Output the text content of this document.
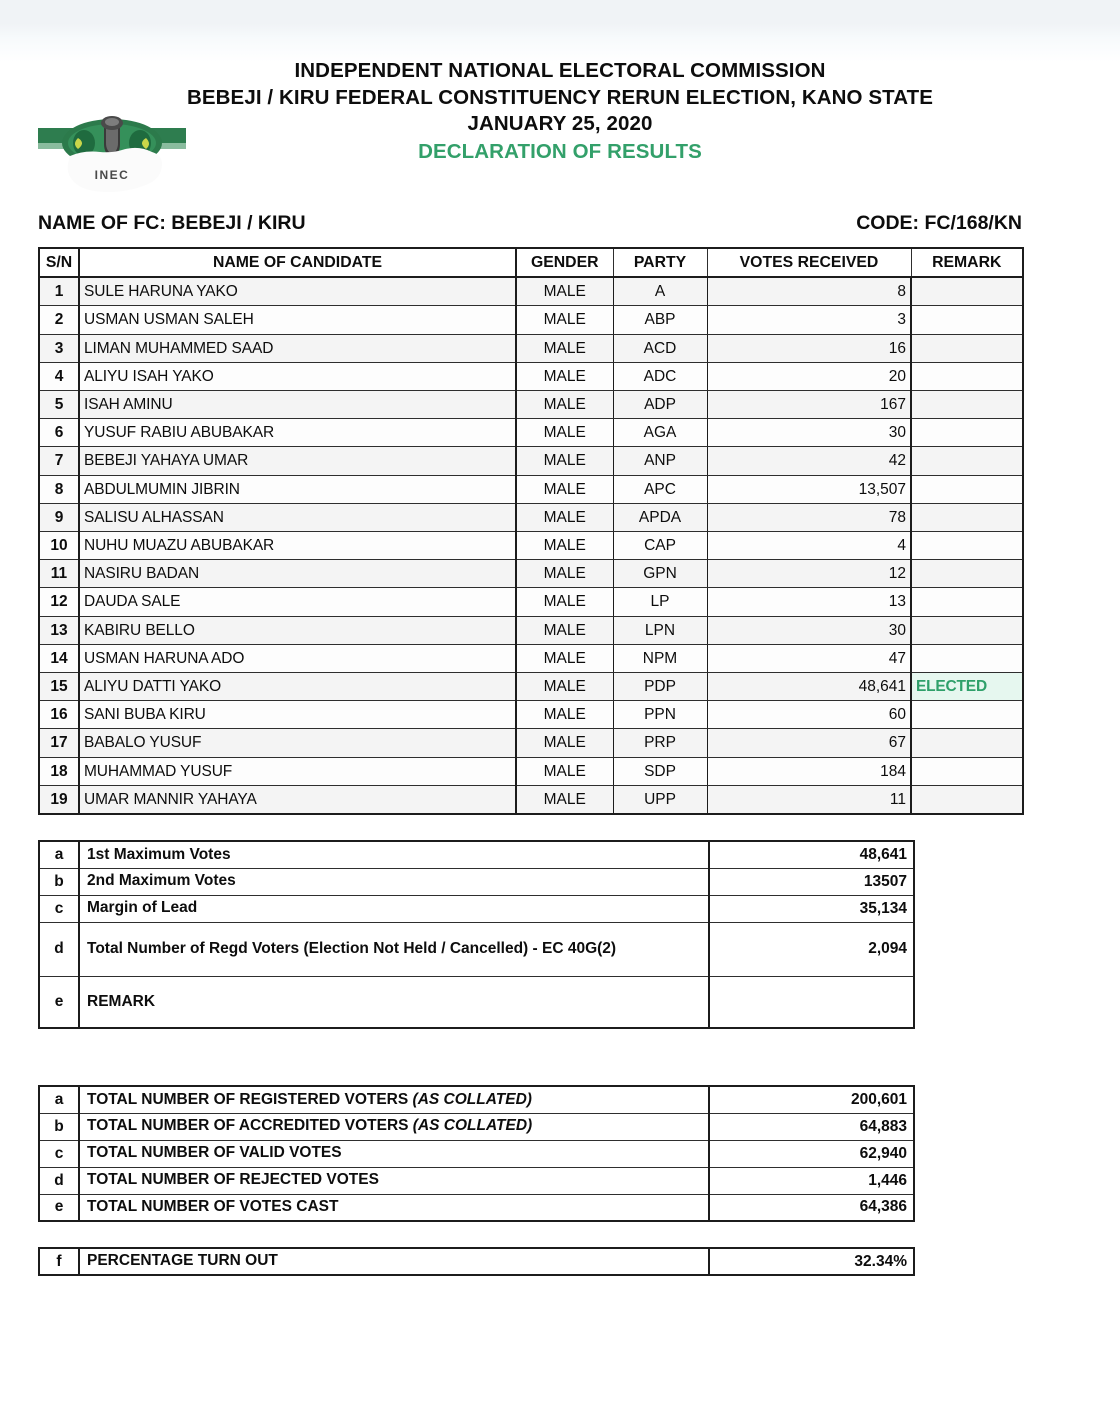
INDEPENDENT NATIONAL ELECTORAL COMMISSION
BEBEJI / KIRU FEDERAL CONSTITUENCY RERUN ELECTION, KANO STATE
JANUARY 25, 2020
DECLARATION OF RESULTS
INEC
NAME OF FC: BEBEJI / KIRU	CODE: FC/168/KN
S/N	NAME OF CANDIDATE	GENDER	PARTY	VOTES RECEIVED	REMARK
1	SULE HARUNA YAKO	MALE	A	8	
2	USMAN USMAN SALEH	MALE	ABP	3	
3	LIMAN MUHAMMED SAAD	MALE	ACD	16	
4	ALIYU ISAH YAKO	MALE	ADC	20	
5	ISAH AMINU	MALE	ADP	167	
6	YUSUF RABIU ABUBAKAR	MALE	AGA	30	
7	BEBEJI YAHAYA UMAR	MALE	ANP	42	
8	ABDULMUMIN JIBRIN	MALE	APC	13,507	
9	SALISU ALHASSAN	MALE	APDA	78	
10	NUHU MUAZU ABUBAKAR	MALE	CAP	4	
11	NASIRU BADAN	MALE	GPN	12	
12	DAUDA SALE	MALE	LP	13	
13	KABIRU BELLO	MALE	LPN	30	
14	USMAN HARUNA ADO	MALE	NPM	47	
15	ALIYU DATTI YAKO	MALE	PDP	48,641	ELECTED
16	SANI BUBA KIRU	MALE	PPN	60	
17	BABALO YUSUF	MALE	PRP	67	
18	MUHAMMAD YUSUF	MALE	SDP	184	
19	UMAR MANNIR YAHAYA	MALE	UPP	11	
a	1st Maximum Votes	48,641
b	2nd Maximum Votes	13507
c	Margin of Lead	35,134
d	Total Number of Regd Voters (Election Not Held / Cancelled) - EC 40G(2)	2,094
e	REMARK	
a	TOTAL NUMBER OF REGISTERED VOTERS (AS COLLATED)	200,601
b	TOTAL NUMBER OF ACCREDITED VOTERS (AS COLLATED)	64,883
c	TOTAL NUMBER OF VALID VOTES	62,940
d	TOTAL NUMBER OF REJECTED VOTES	1,446
e	TOTAL NUMBER OF VOTES CAST	64,386
f	PERCENTAGE TURN OUT	32.34%
